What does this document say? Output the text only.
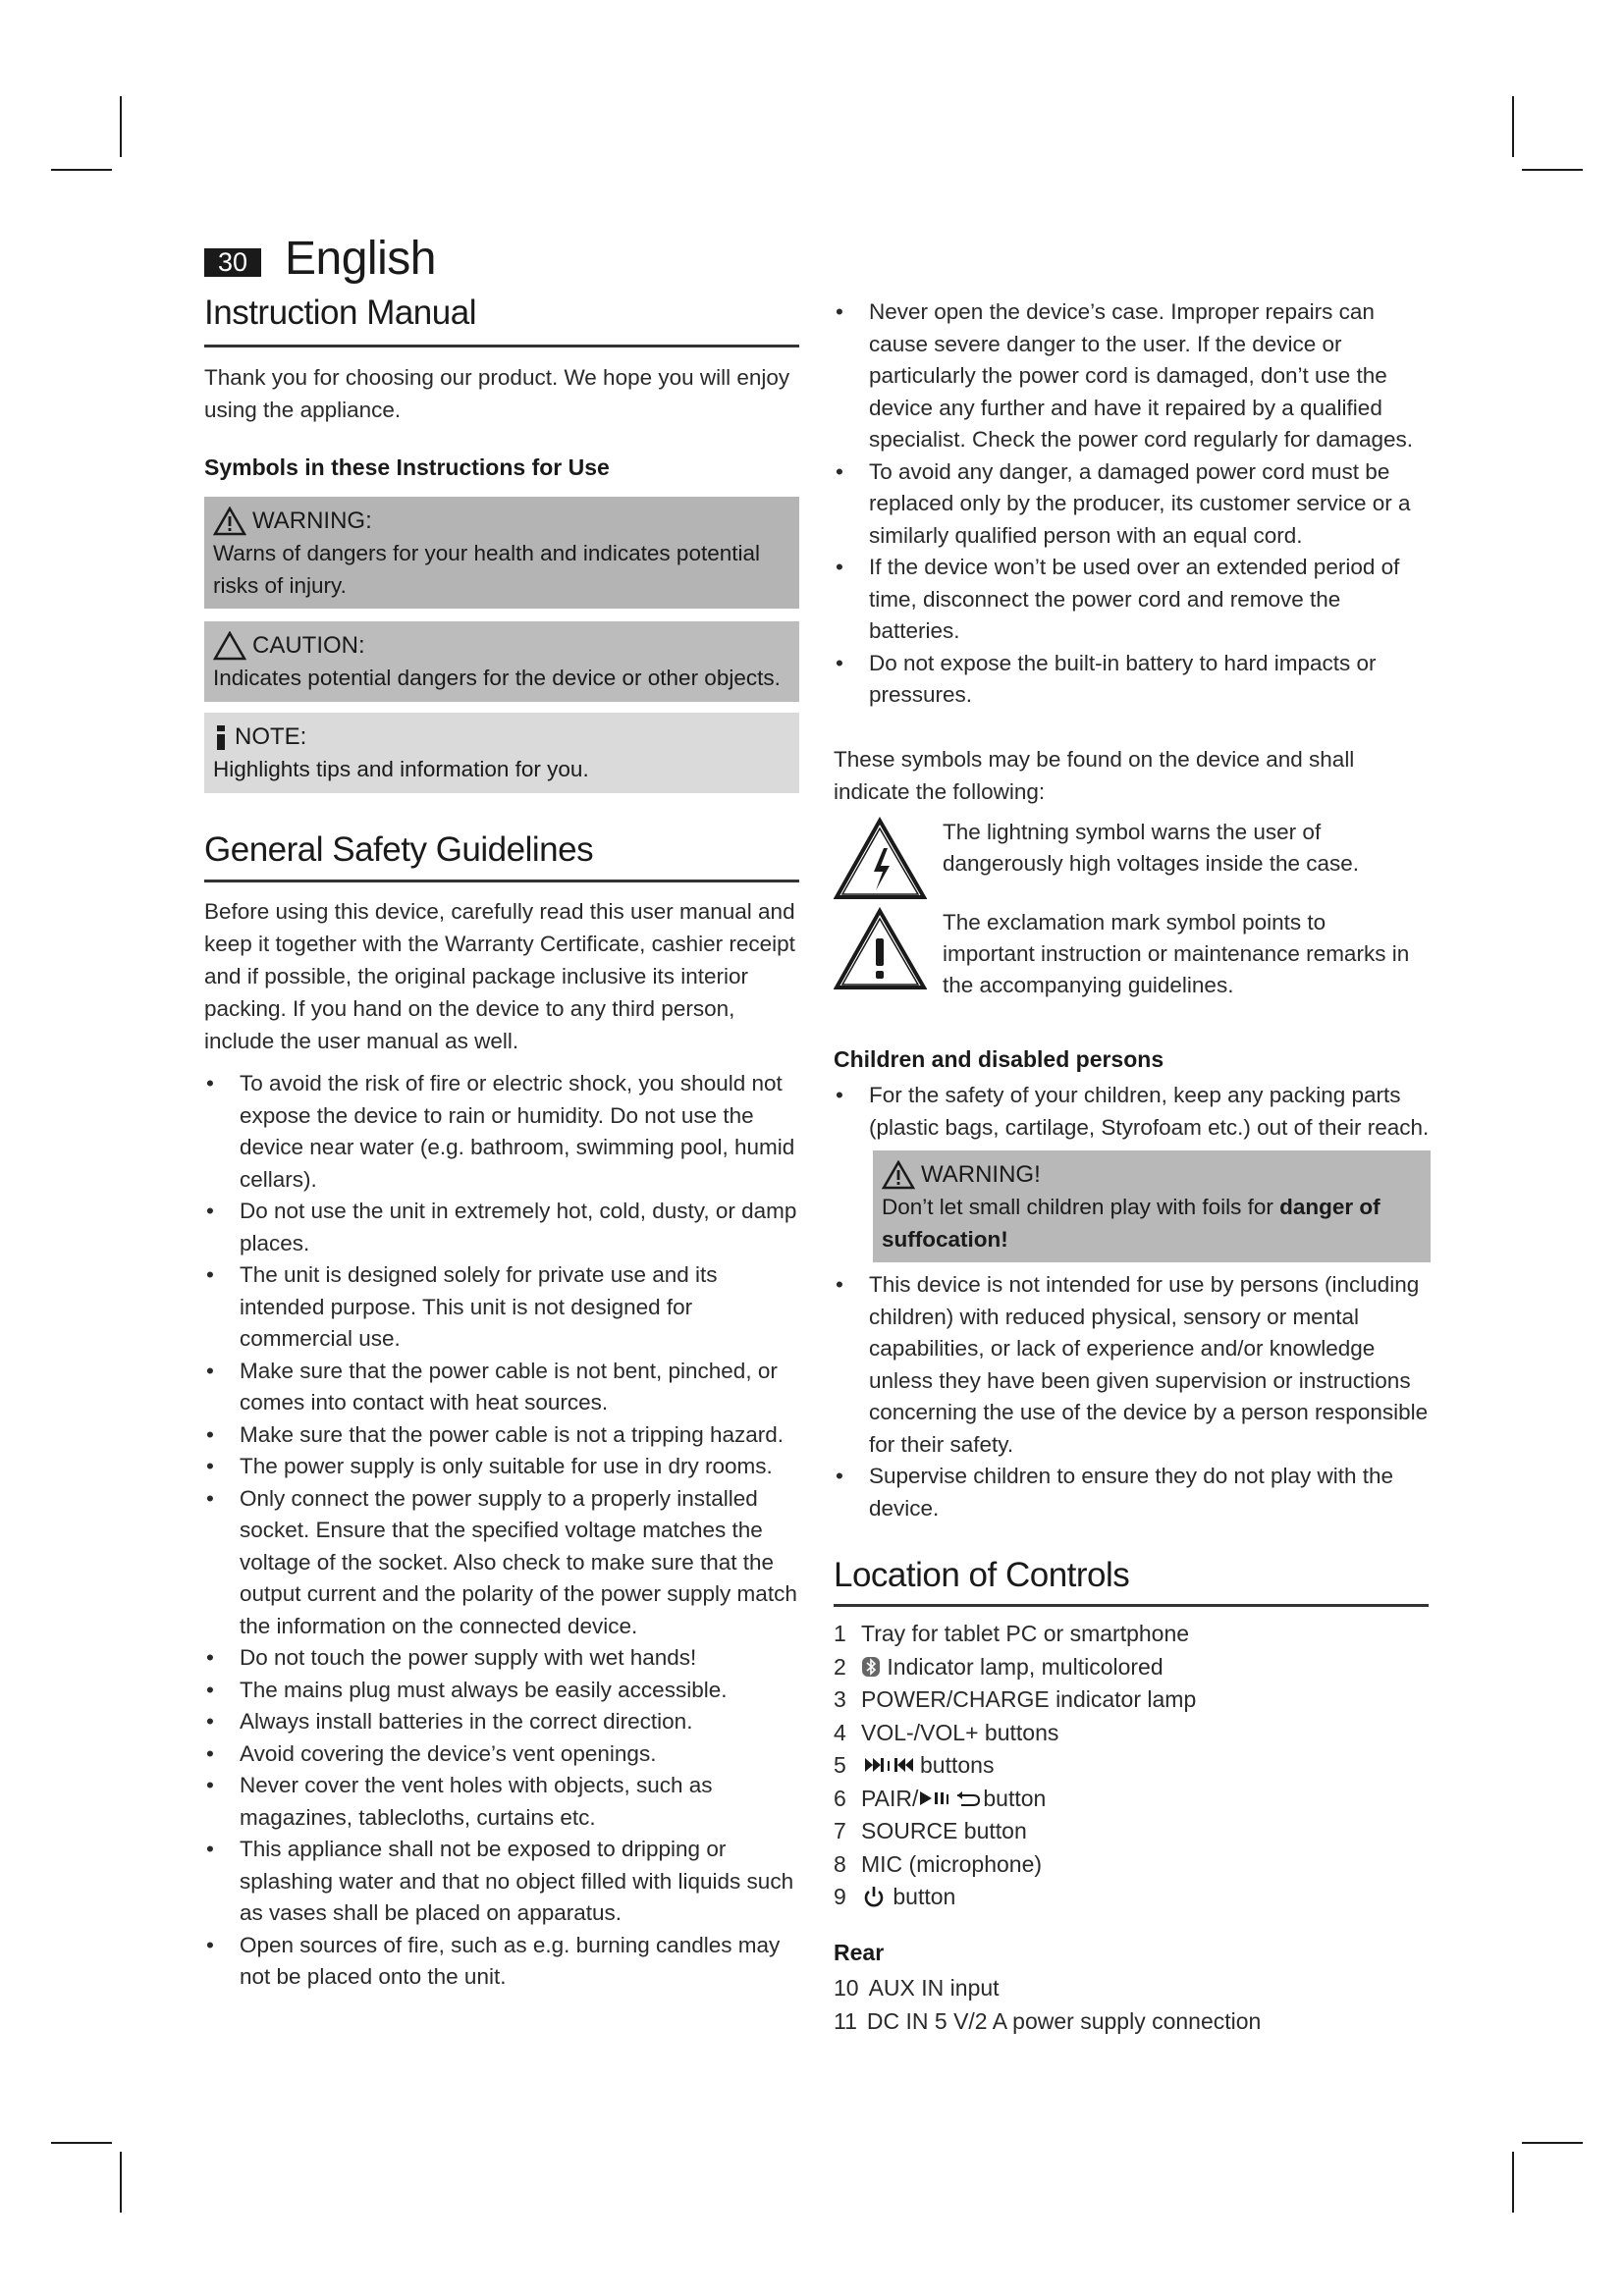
30 English
Instruction Manual

Thank you for choosing our product. We hope you will enjoy using the appliance.

Symbols in these Instructions for Use

WARNING:
Warns of dangers for your health and indicates potential risks of injury.
CAUTION:
Indicates potential dangers for the device or other objects.
NOTE:
Highlights tips and information for you.
General Safety Guidelines

Before using this device, carefully read this user manual and keep it together with the Warranty Certificate, cashier receipt and if possible, the original package inclusive its interior packing. If you hand on the device to any third person, include the user manual as well.

• To avoid the risk of fire or electric shock, you should not expose the device to rain or humidity. Do not use the device near water (e.g. bathroom, swimming pool, humid cellars).
• Do not use the unit in extremely hot, cold, dusty, or damp places.
• The unit is designed solely for private use and its intended purpose. This unit is not designed for commercial use.
• Make sure that the power cable is not bent, pinched, or comes into contact with heat sources.
• Make sure that the power cable is not a tripping hazard.
• The power supply is only suitable for use in dry rooms.
• Only connect the power supply to a properly installed socket. Ensure that the specified voltage matches the voltage of the socket. Also check to make sure that the output current and the polarity of the power supply match the information on the connected device.
• Do not touch the power supply with wet hands!
• The mains plug must always be easily accessible.
• Always install batteries in the correct direction.
• Avoid covering the device’s vent openings.
• Never cover the vent holes with objects, such as magazines, tablecloths, curtains etc.
• This appliance shall not be exposed to dripping or splashing water and that no object filled with liquids such as vases shall be placed on apparatus.
• Open sources of fire, such as e.g. burning candles may not be placed onto the unit.
• Never open the device’s case. Improper repairs can cause severe danger to the user. If the device or particularly the power cord is damaged, don’t use the device any further and have it repaired by a qualified specialist. Check the power cord regularly for damages.
• To avoid any danger, a damaged power cord must be replaced only by the producer, its customer service or a similarly qualified person with an equal cord.
• If the device won’t be used over an extended period of time, disconnect the power cord and remove the batteries.
• Do not expose the built-in battery to hard impacts or pressures.

These symbols may be found on the device and shall indicate the following:

The lightning symbol warns the user of dangerously high voltages inside the case.
The exclamation mark symbol points to important instruction or maintenance remarks in the accompanying guidelines.

Children and disabled persons

• For the safety of your children, keep any packing parts (plastic bags, cartilage, Styrofoam etc.) out of their reach.
WARNING!
Don’t let small children play with foils for danger of suffocation!
• This device is not intended for use by persons (including children) with reduced physical, sensory or mental capabilities, or lack of experience and/or knowledge unless they have been given supervision or instructions concerning the use of the device by a person responsible for their safety.
• Supervise children to ensure they do not play with the device.
Location of Controls
1 Tray for tablet PC or smartphone
2	Indicator lamp, multicolored
3 POWER/CHARGE indicator lamp
4 VOL-/VOL+ buttons
5	buttons
6 PAIR/	button
7 SOURCE button
8 MIC (microphone)
9	button

Rear

10 AUX IN input
11 DC IN 5 V/2 A power supply connection
